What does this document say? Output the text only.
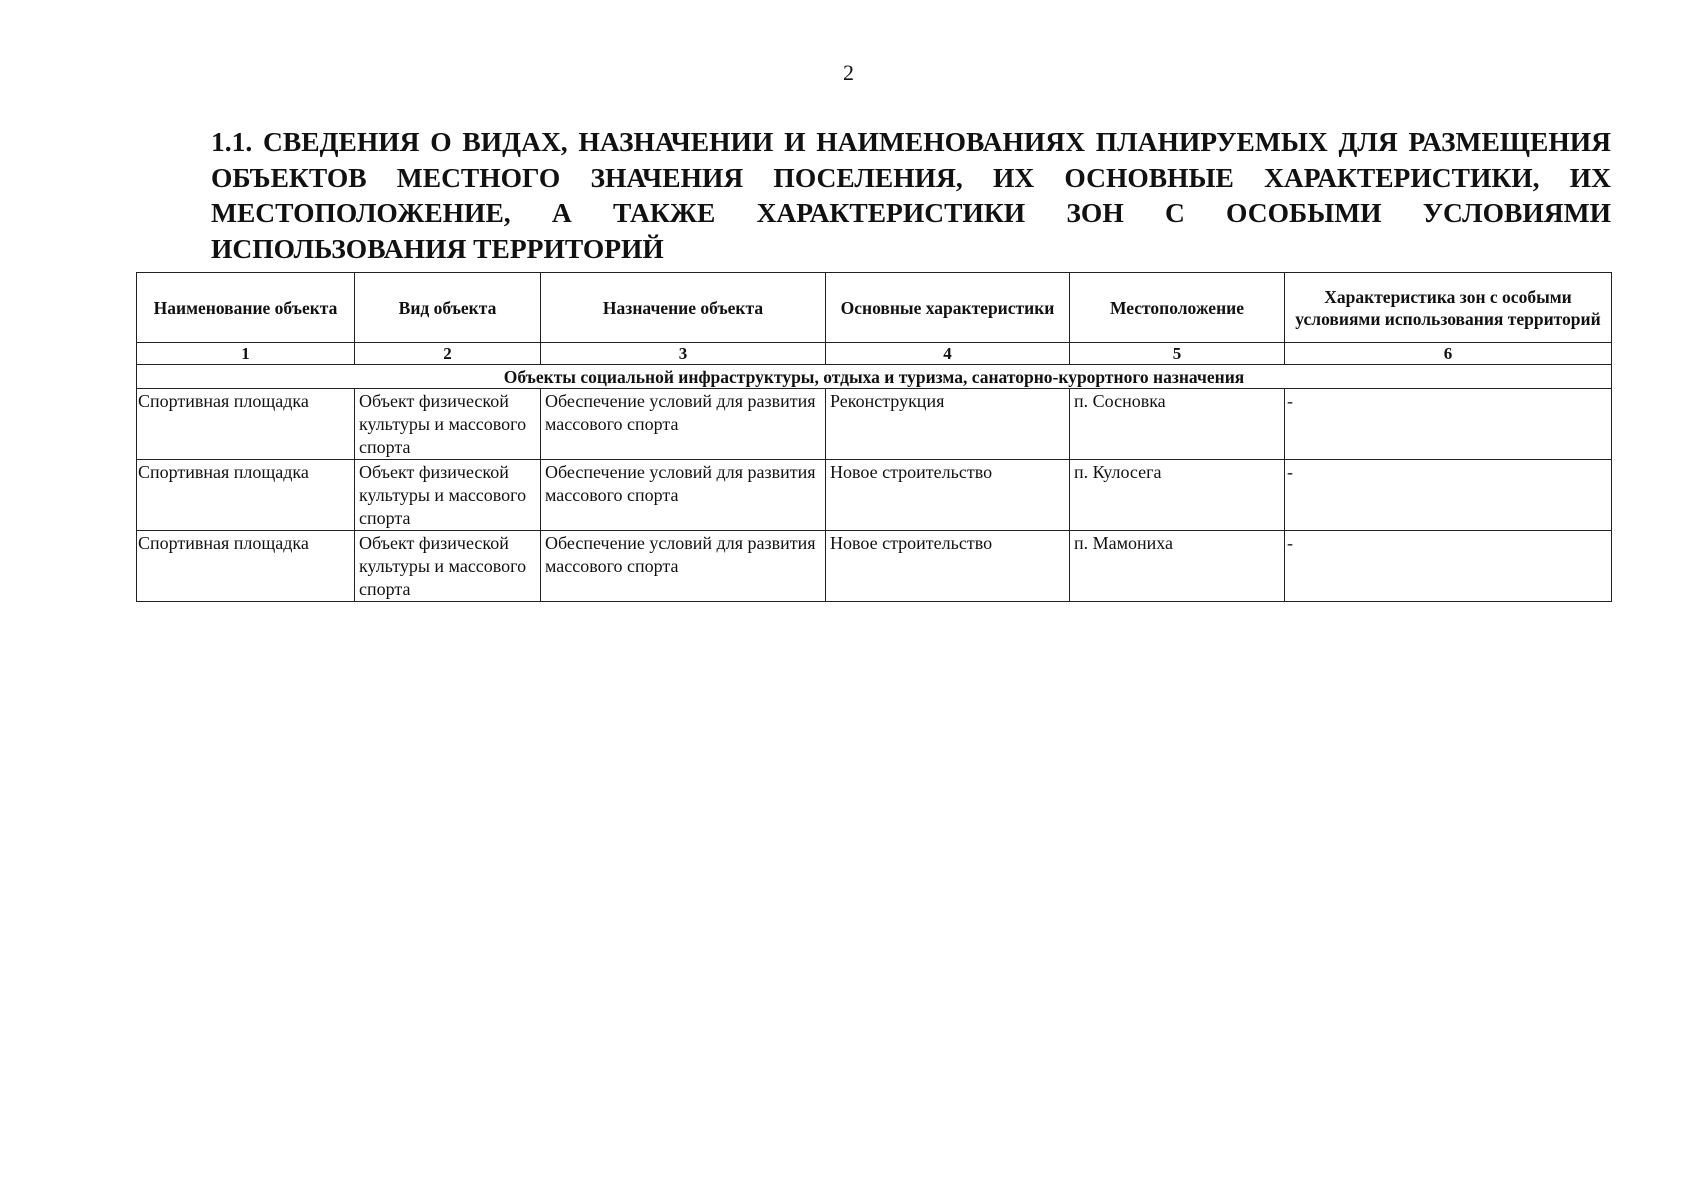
2
1.1. СВЕДЕНИЯ О ВИДАХ, НАЗНАЧЕНИИ И НАИМЕНОВАНИЯХ ПЛАНИРУЕМЫХ ДЛЯ РАЗМЕЩЕНИЯ ОБЪЕКТОВ МЕСТНОГО ЗНАЧЕНИЯ ПОСЕЛЕНИЯ, ИХ ОСНОВНЫЕ ХАРАКТЕРИСТИКИ, ИХ МЕСТОПОЛОЖЕНИЕ, А ТАКЖЕ ХАРАКТЕРИСТИКИ ЗОН С ОСОБЫМИ УСЛОВИЯМИ ИСПОЛЬЗОВАНИЯ ТЕРРИТОРИЙ
Наименование объекта	Вид объекта	Назначение объекта	Основные характеристики	Местоположение	Характеристика зон с особыми условиями использования территорий
1	2	3	4	5	6
Объекты социальной инфраструктуры, отдыха и туризма, санаторно-курортного назначения					
Спортивная площадка	Объект физической культуры и массового спорта	Обеспечение условий для развития массового спорта	Реконструкция	п. Сосновка	-
Спортивная площадка	Объект физической культуры и массового спорта	Обеспечение условий для развития массового спорта	Новое строительство	п. Кулосега	-
Спортивная площадка	Объект физической культуры и массового спорта	Обеспечение условий для развития массового спорта	Новое строительство	п. Мамониха	-
